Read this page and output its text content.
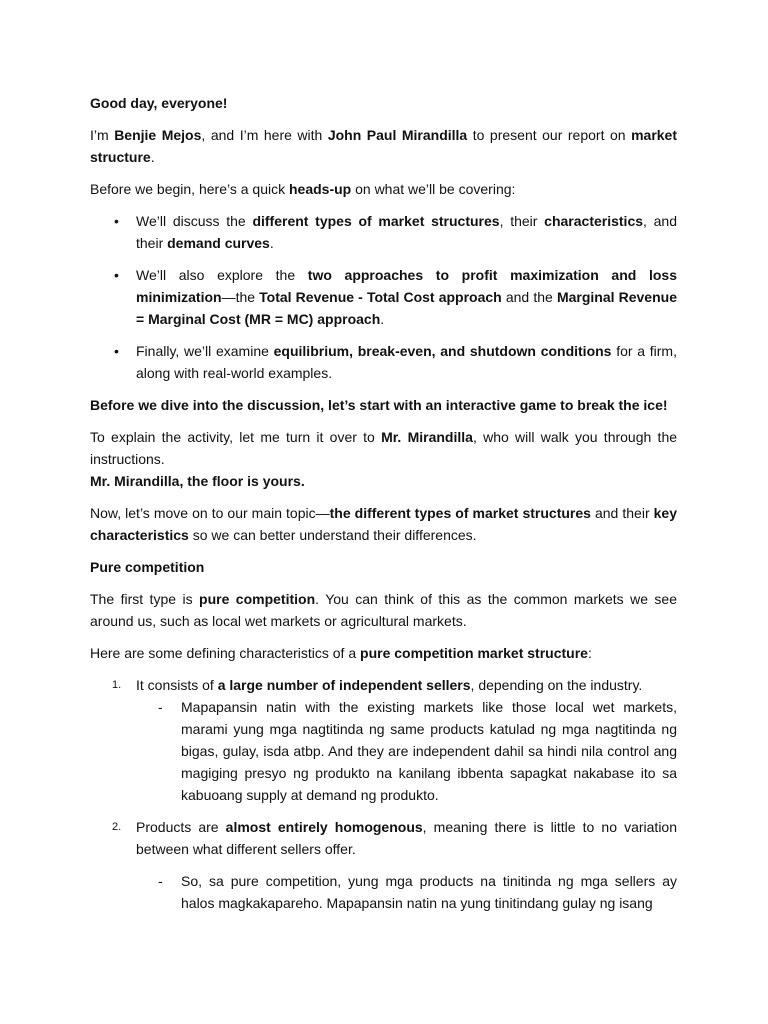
Good day, everyone!

I’m Benjie Mejos, and I’m here with John Paul Mirandilla to present our report on market structure.

Before we begin, here’s a quick heads-up on what we’ll be covering:

• We’ll discuss the different types of market structures, their characteristics, and their demand curves.
• We’ll also explore the two approaches to profit maximization and loss minimization—the Total Revenue - Total Cost approach and the Marginal Revenue = Marginal Cost (MR = MC) approach.
• Finally, we’ll examine equilibrium, break-even, and shutdown conditions for a firm, along with real-world examples.

Before we dive into the discussion, let’s start with an interactive game to break the ice!

To explain the activity, let me turn it over to Mr. Mirandilla, who will walk you through the instructions.

Mr. Mirandilla, the floor is yours.

Now, let’s move on to our main topic—the different types of market structures and their key characteristics so we can better understand their differences.

Pure competition

The first type is pure competition. You can think of this as the common markets we see around us, such as local wet markets or agricultural markets.

Here are some defining characteristics of a pure competition market structure:

1. It consists of a large number of independent sellers, depending on the industry.
- Mapapansin natin with the existing markets like those local wet markets, marami yung mga nagtitinda ng same products katulad ng mga nagtitinda ng bigas, gulay, isda atbp. And they are independent dahil sa hindi nila control ang magiging presyo ng produkto na kanilang ibbenta sapagkat nakabase ito sa kabuoang supply at demand ng produkto.
2. Products are almost entirely homogenous, meaning there is little to no variation between what different sellers offer.
- So, sa pure competition, yung mga products na tinitinda ng mga sellers ay halos magkakapareho. Mapapansin natin na yung tinitindang gulay ng isang
